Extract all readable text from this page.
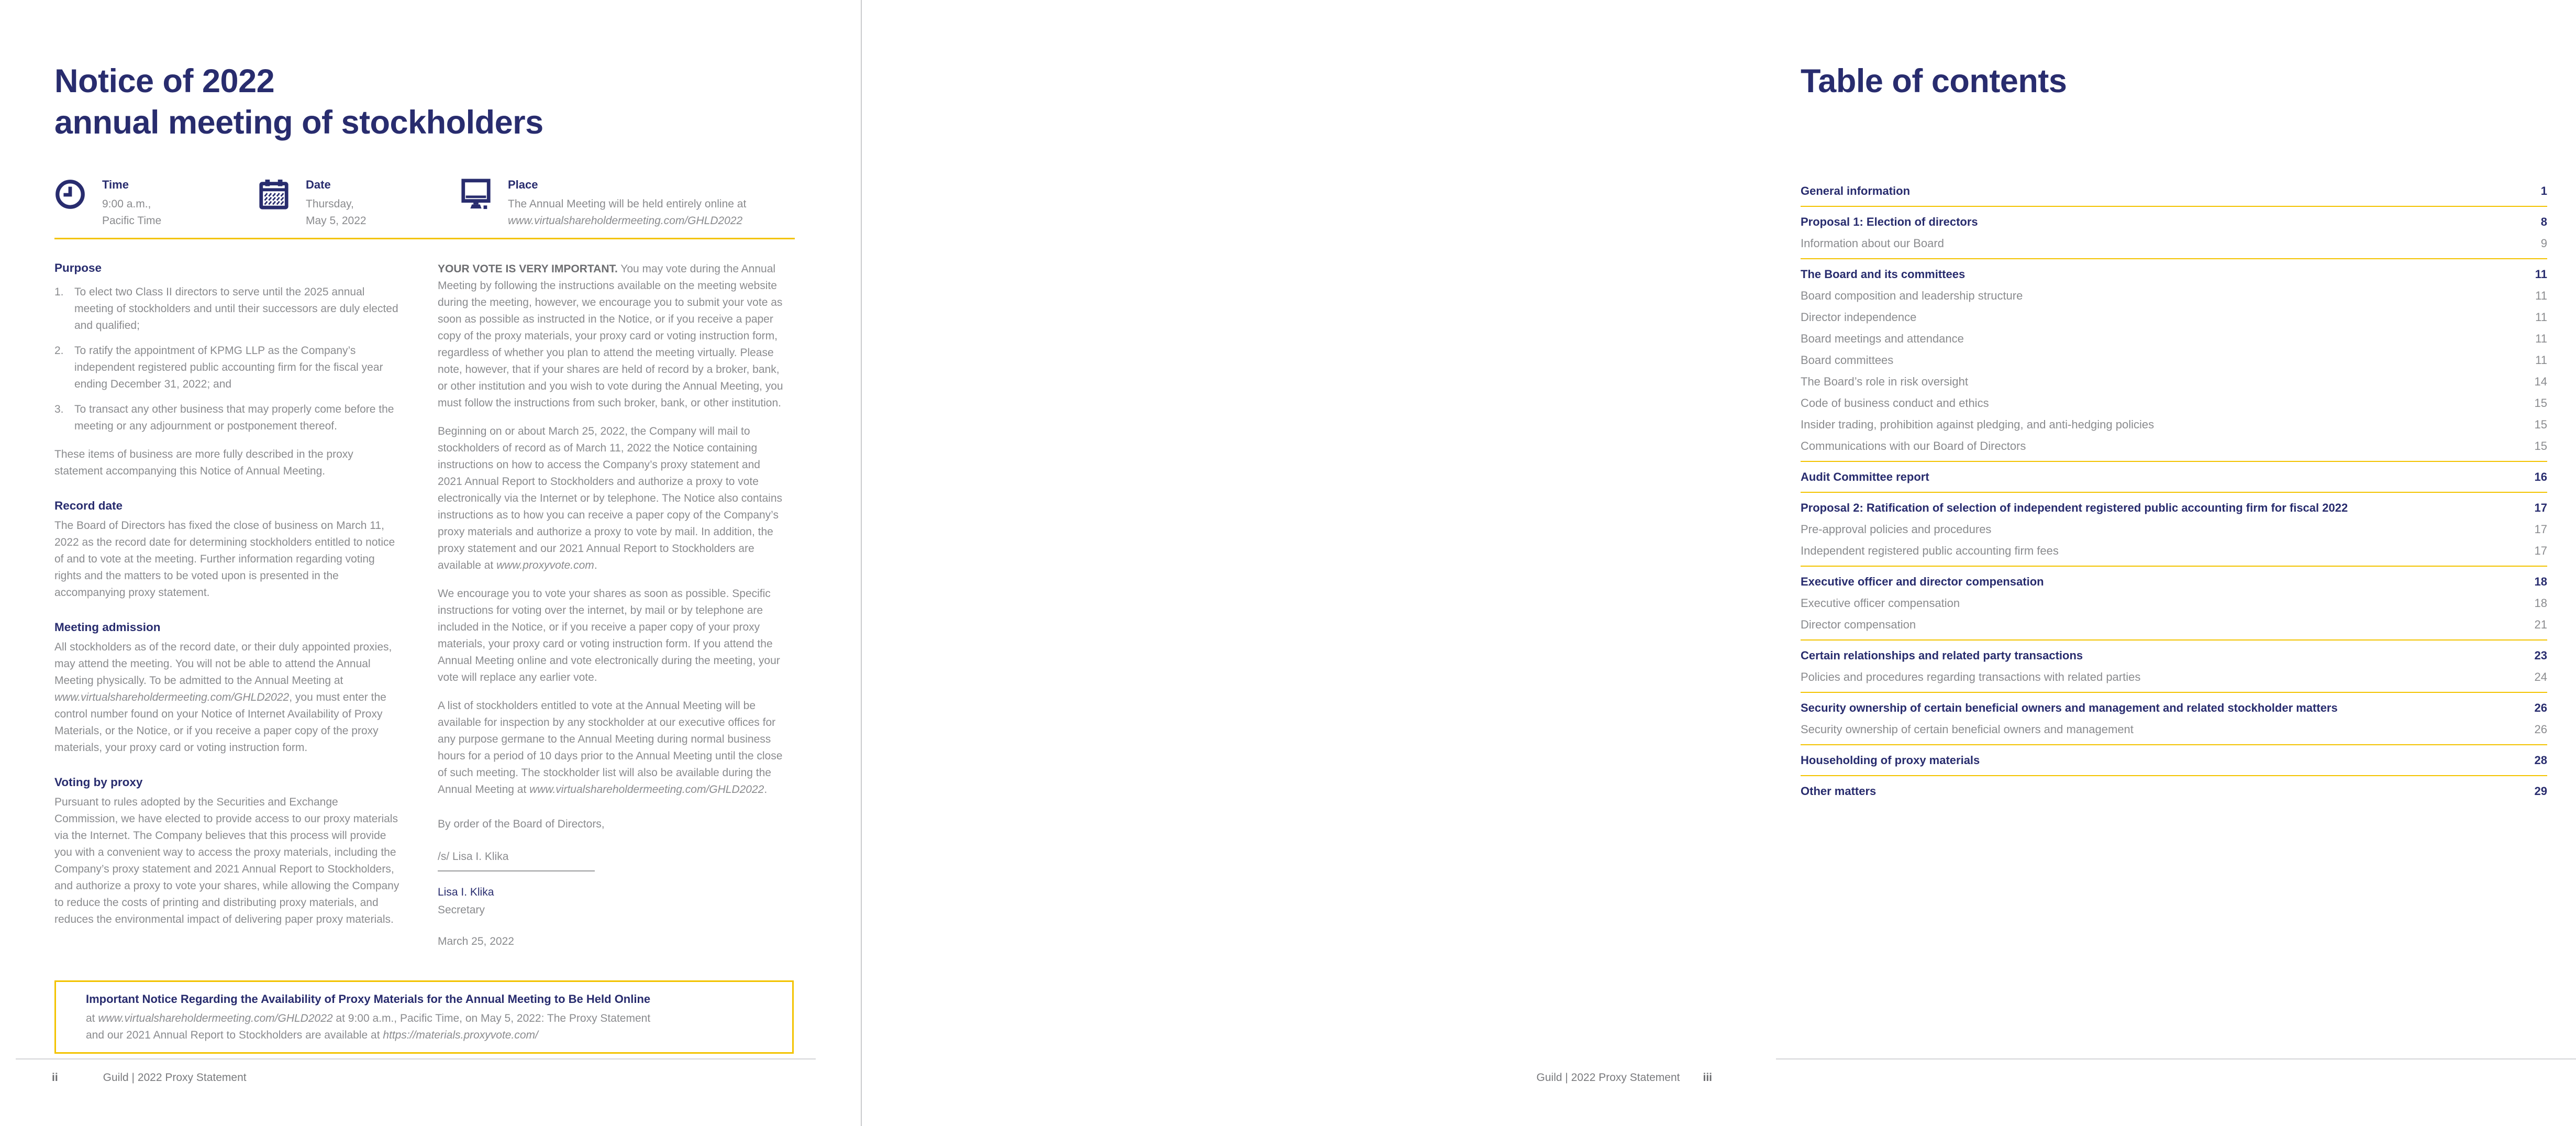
Notice of 2022
annual meeting of stockholders
Time
9:00 a.m.,
Pacific Time
Date
Thursday,
May 5, 2022
Place
The Annual Meeting will be held entirely online at
www.virtualshareholdermeeting.com/GHLD2022
Purpose
1. To elect two Class II directors to serve until the 2025 annual meeting of stockholders and until their successors are duly elected and qualified;
2. To ratify the appointment of KPMG LLP as the Company’s independent registered public accounting firm for the fiscal year ending December 31, 2022; and
3. To transact any other business that may properly come before the meeting or any adjournment or postponement thereof.
These items of business are more fully described in the proxy statement accompanying this Notice of Annual Meeting.
Record date
The Board of Directors has fixed the close of business on March 11, 2022 as the record date for determining stockholders entitled to notice of and to vote at the meeting. Further information regarding voting rights and the matters to be voted upon is presented in the accompanying proxy statement.
Meeting admission
All stockholders as of the record date, or their duly appointed proxies, may attend the meeting. You will not be able to attend the Annual Meeting physically. To be admitted to the Annual Meeting at www.virtualshareholdermeeting.com/GHLD2022, you must enter the control number found on your Notice of Internet Availability of Proxy Materials, or the Notice, or if you receive a paper copy of the proxy materials, your proxy card or voting instruction form.
Voting by proxy
Pursuant to rules adopted by the Securities and Exchange Commission, we have elected to provide access to our proxy materials via the Internet. The Company believes that this process will provide you with a convenient way to access the proxy materials, including the Company’s proxy statement and 2021 Annual Report to Stockholders, and authorize a proxy to vote your shares, while allowing the Company to reduce the costs of printing and distributing proxy materials, and reduces the environmental impact of delivering paper proxy materials.

YOUR VOTE IS VERY IMPORTANT. You may vote during the Annual Meeting by following the instructions available on the meeting website during the meeting, however, we encourage you to submit your vote as soon as possible as instructed in the Notice, or if you receive a paper copy of the proxy materials, your proxy card or voting instruction form, regardless of whether you plan to attend the meeting virtually. Please note, however, that if your shares are held of record by a broker, bank, or other institution and you wish to vote during the Annual Meeting, you must follow the instructions from such broker, bank, or other institution.

Beginning on or about March 25, 2022, the Company will mail to stockholders of record as of March 11, 2022 the Notice containing instructions on how to access the Company’s proxy statement and 2021 Annual Report to Stockholders and authorize a proxy to vote electronically via the Internet or by telephone. The Notice also contains instructions as to how you can receive a paper copy of the Company’s proxy materials and authorize a proxy to vote by mail. In addition, the proxy statement and our 2021 Annual Report to Stockholders are available at www.proxyvote.com.

We encourage you to vote your shares as soon as possible. Specific instructions for voting over the internet, by mail or by telephone are included in the Notice, or if you receive a paper copy of your proxy materials, your proxy card or voting instruction form. If you attend the Annual Meeting online and vote electronically during the meeting, your vote will replace any earlier vote.

A list of stockholders entitled to vote at the Annual Meeting will be available for inspection by any stockholder at our executive offices for any purpose germane to the Annual Meeting during normal business hours for a period of 10 days prior to the Annual Meeting until the close of such meeting. The stockholder list will also be available during the Annual Meeting at www.virtualshareholdermeeting.com/GHLD2022.

By order of the Board of Directors,

/s/ Lisa I. Klika
Lisa I. Klika
Secretary
March 25, 2022
Important Notice Regarding the Availability of Proxy Materials for the Annual Meeting to Be Held Online
at www.virtualshareholdermeeting.com/GHLD2022 at 9:00 a.m., Pacific Time, on May 5, 2022: The Proxy Statement
and our 2021 Annual Report to Stockholders are available at https://materials.proxyvote.com/
ii	Guild | 2022 Proxy Statement
Table of contents
General information	1
Proposal 1: Election of directors	8
Information about our Board	9
The Board and its committees	11
Board composition and leadership structure	11
Director independence	11
Board meetings and attendance	11
Board committees	11
The Board’s role in risk oversight	14
Code of business conduct and ethics	15
Insider trading, prohibition against pledging, and anti-hedging policies	15
Communications with our Board of Directors	15
Audit Committee report	16
Proposal 2: Ratification of selection of independent registered public accounting firm for fiscal 2022	17
Pre-approval policies and procedures	17
Independent registered public accounting firm fees	17
Executive officer and director compensation	18
Executive officer compensation	18
Director compensation	21
Certain relationships and related party transactions	23
Policies and procedures regarding transactions with related parties	24
Security ownership of certain beneficial owners and management and related stockholder matters	26
Security ownership of certain beneficial owners and management	26
Householding of proxy materials	28
Other matters	29
Guild | 2022 Proxy Statement iii
